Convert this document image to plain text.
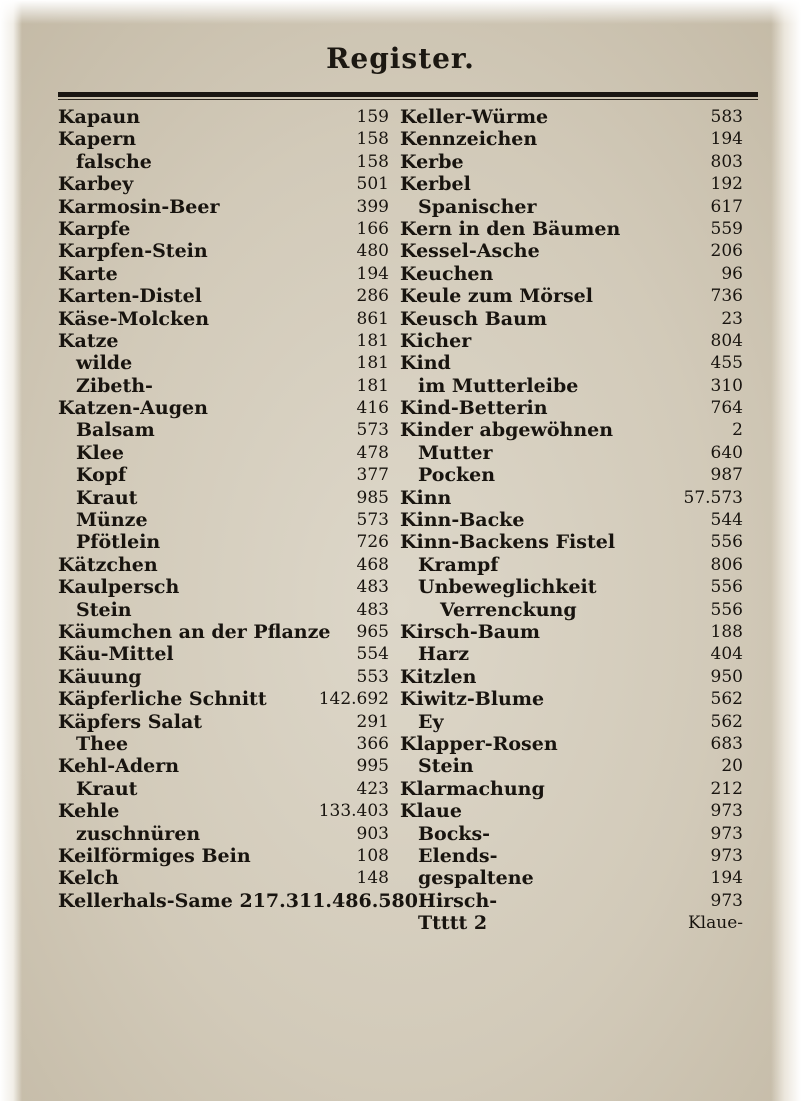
Register.
Kapaun	159
Kapern	158
falsche	158
Karbey	501
Karmosin-Beer	399
Karpfe	166
Karpfen-Stein	480
Karte	194
Karten-Distel	286
Käse-Molcken	861
Katze	181
wilde	181
Zibeth-	181
Katzen-Augen	416
Balsam	573
Klee	478
Kopf	377
Kraut	985
Münze	573
Pfötlein	726
Kätzchen	468
Kaulpersch	483
Stein	483
Käumchen an der Pflanze 965
Käu-Mittel	554
Käuung	553
Käpferliche Schnitt	142.692
Käpfers Salat	291
Thee	366
Kehl-Adern	995
Kraut	423
Kehle	133.403
zuschnüren	903
Keilförmiges Bein	108
Kelch	148
Kellerhals-Same 217.311.486.580
Keller-Würme	583
Kennzeichen	194
Kerbe	803
Kerbel	192
Spanischer	617
Kern in den Bäumen	559
Kessel-Asche	206
Keuchen	96
Keule zum Mörsel	736
Keusch Baum	23
Kicher	804
Kind	455
im Mutterleibe	310
Kind-Betterin	764
Kinder abgewöhnen	2
Mutter	640
Pocken	987
Kinn	57.573
Kinn-Backe	544
Kinn-Backens Fistel	556
Krampf	806
Unbeweglichkeit	556
Verrenckung	556
Kirsch-Baum	188
Harz	404
Kitzlen	950
Kiwitz-Blume	562
Ey	562
Klapper-Rosen	683
Stein	20
Klarmachung	212
Klaue	973
Bocks-	973
Elends-	973
gespaltene	194
Hirsch-	973
Ttttt 2	Klaue-
